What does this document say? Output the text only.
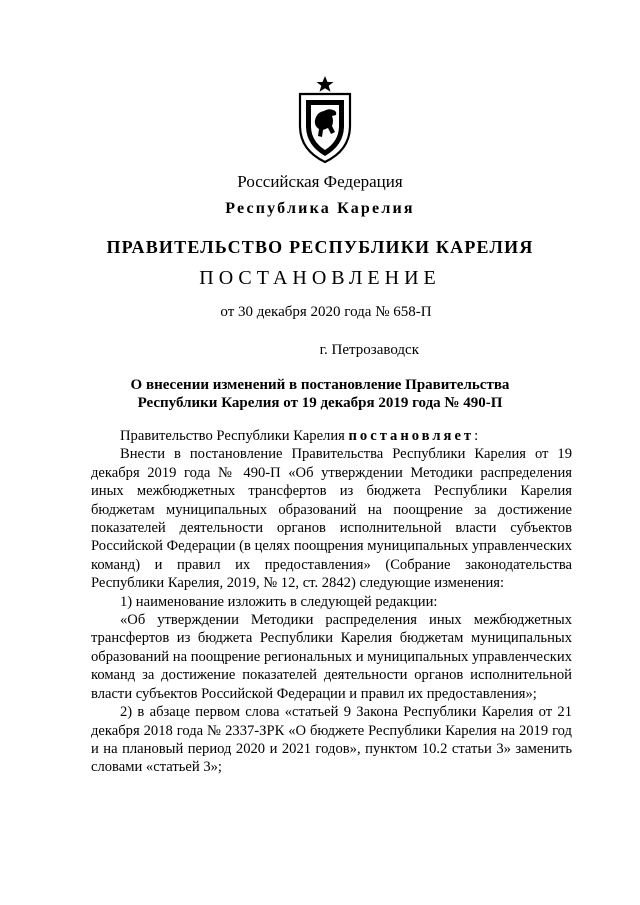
Российская Федерация
Республика Карелия
ПРАВИТЕЛЬСТВО РЕСПУБЛИКИ КАРЕЛИЯ
ПОСТАНОВЛЕНИЕ
от 30 декабря 2020 года № 658-П
г. Петрозаводск
О внесении изменений в постановление Правительства
Республики Карелия от 19 декабря 2019 года № 490-П

Правительство Республики Карелия постановляет:

Внести в постановление Правительства Республики Карелия от 19 декабря 2019 года № 490-П «Об утверждении Методики распределения иных межбюджетных трансфертов из бюджета Республики Карелия бюджетам муниципальных образований на поощрение за достижение показателей деятельности органов исполнительной власти субъектов Российской Федерации (в целях поощрения муниципальных управленческих команд) и правил их предоставления» (Собрание законодательства Республики Карелия, 2019, № 12, ст. 2842) следующие изменения:

1) наименование изложить в следующей редакции:

«Об утверждении Методики распределения иных межбюджетных трансфертов из бюджета Республики Карелия бюджетам муниципальных образований на поощрение региональных и муниципальных управленческих команд за достижение показателей деятельности органов исполнительной власти субъектов Российской Федерации и правил их предоставления»;

2) в абзаце первом слова «статьей 9 Закона Республики Карелия от 21 декабря 2018 года № 2337-ЗРК «О бюджете Республики Карелия на 2019 год и на плановый период 2020 и 2021 годов», пунктом 10.2 статьи 3» заменить словами «статьей 3»;
